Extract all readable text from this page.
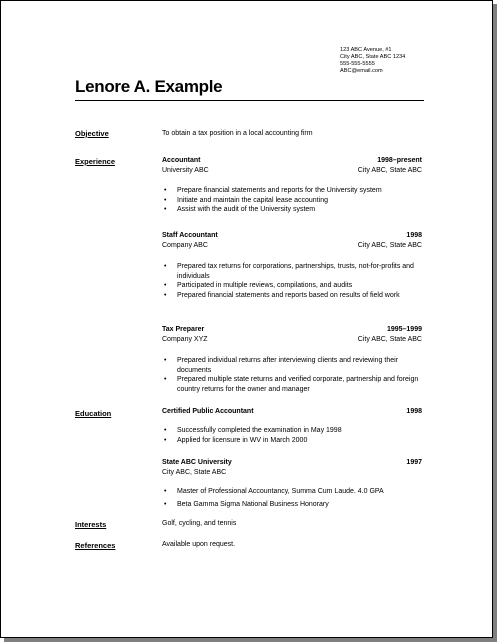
123 ABC Avenue, #1
City ABC, State ABC 1234
555-555-5555
ABC@email.com
Lenore A. Example
Objective	To obtain a tax position in a local accounting firm
Experience	Accountant	1998–present
University ABC	City ABC, State ABC
• Prepare financial statements and reports for the University system
• Initiate and maintain the capital lease accounting
• Assist with the audit of the University system
Staff Accountant	1998
Company ABC	City ABC, State ABC
• Prepared tax returns for corporations, partnerships, trusts, not-for-profits and individuals
• Participated in multiple reviews, compilations, and audits
• Prepared financial statements and reports based on results of field work
Tax Preparer	1995–1999
Company XYZ	City ABC, State ABC
• Prepared individual returns after interviewing clients and reviewing their documents
• Prepared multiple state returns and verified corporate, partnership and foreign country returns for the owner and manager
Education	Certified Public Accountant	1998
• Successfully completed the examination in May 1998
• Applied for licensure in WV in March 2000
State ABC University	1997
City ABC, State ABC
• Master of Professional Accountancy, Summa Cum Laude. 4.0 GPA
• Beta Gamma Sigma National Business Honorary
Interests	Golf, cycling, and tennis
References	Available upon request.
